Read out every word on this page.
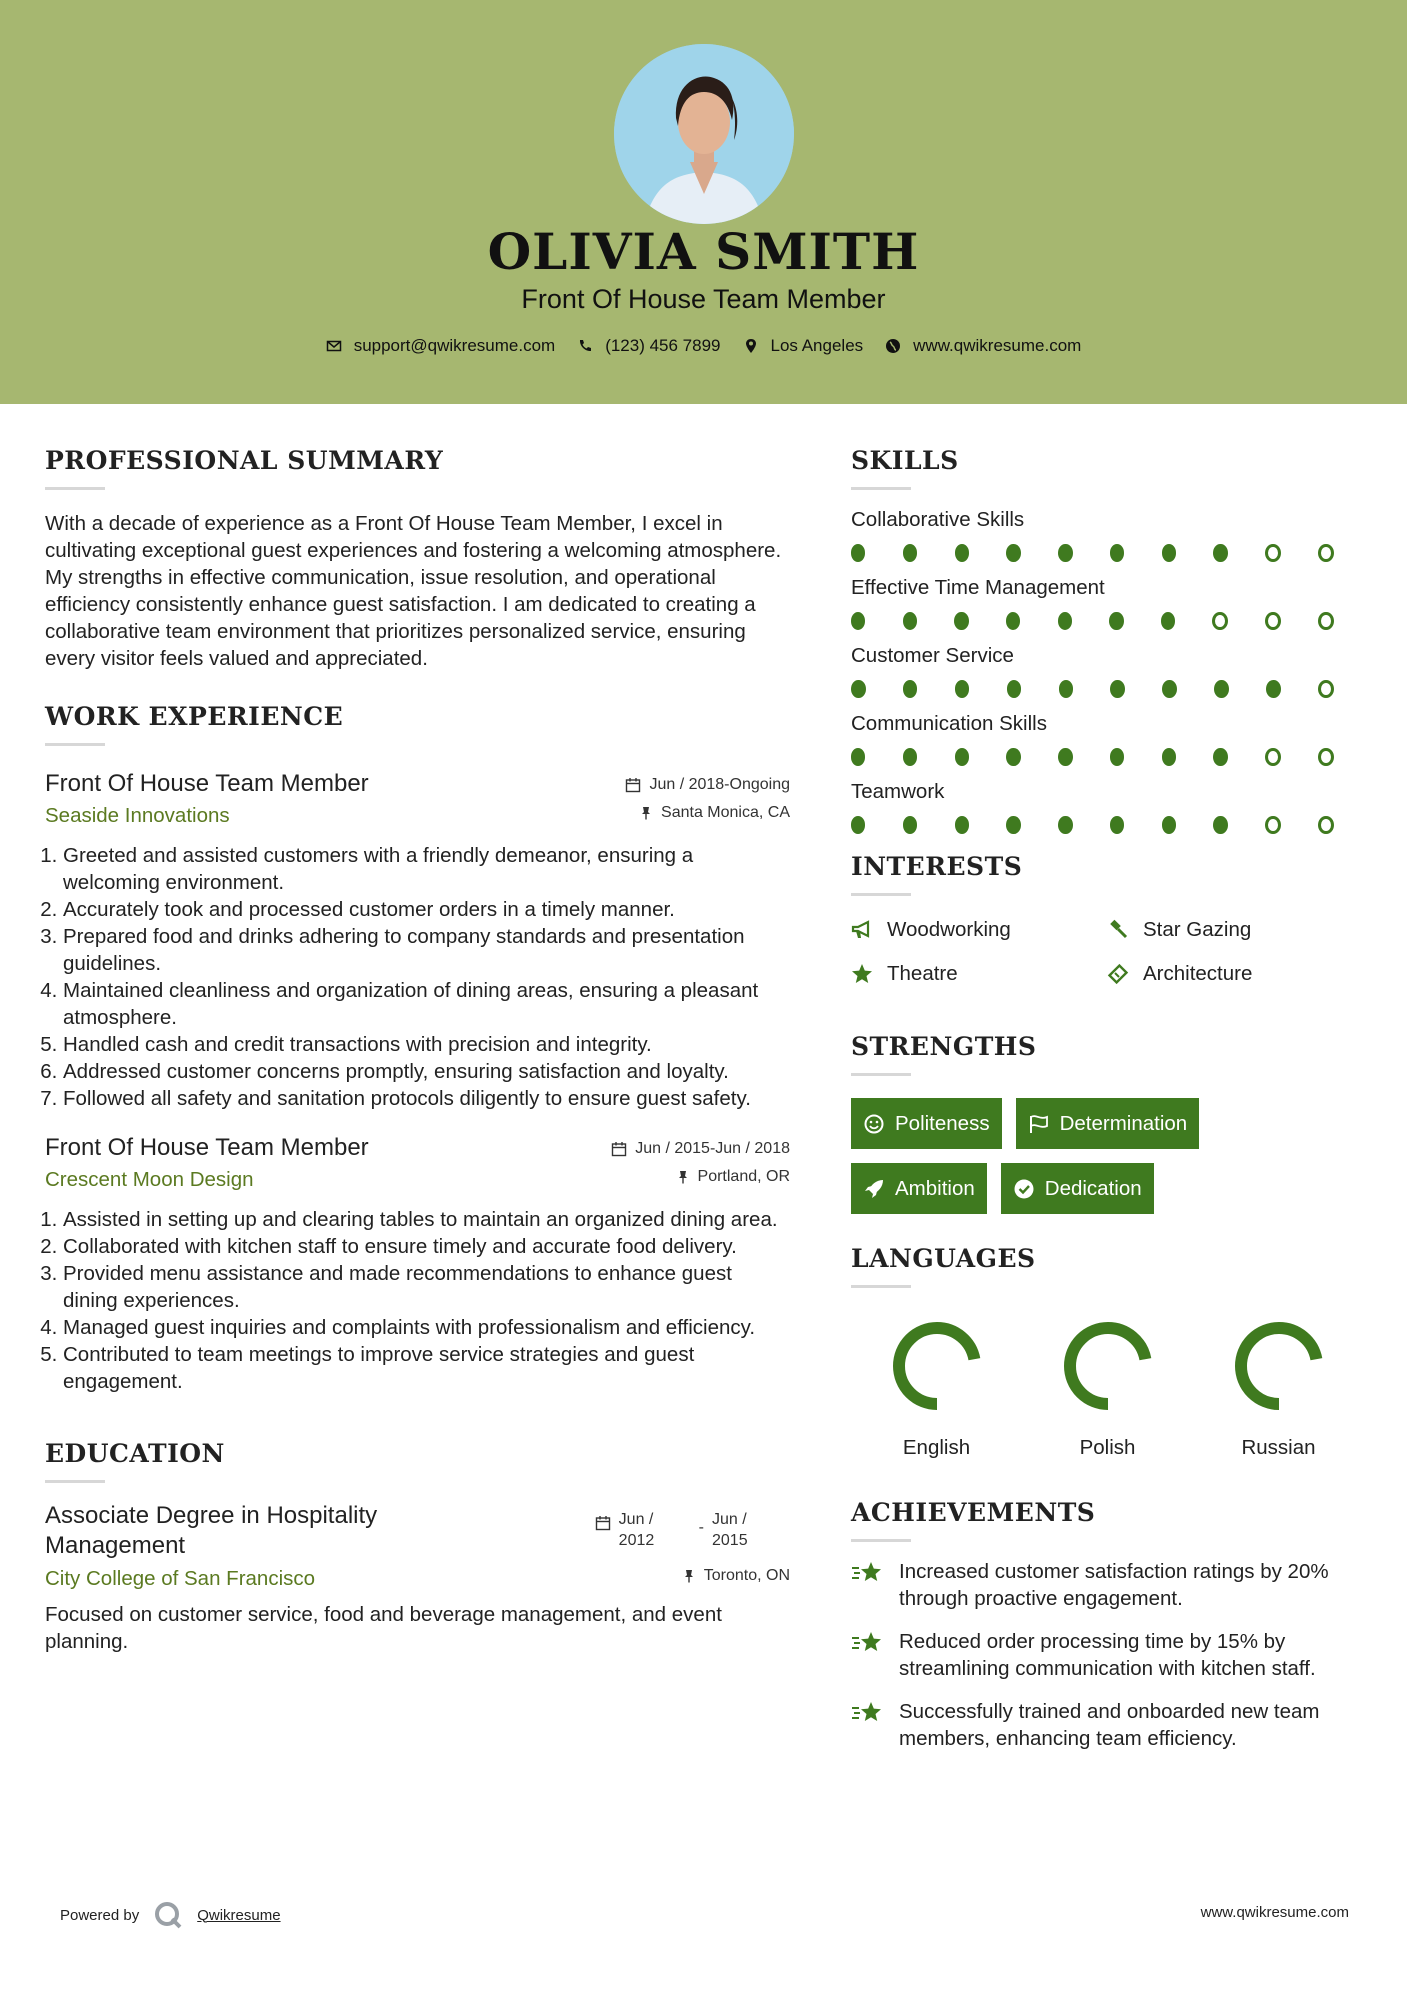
OLIVIA SMITH
Front Of House Team Member
support@qwikresume.com	(123) 456 7899	Los Angeles	www.qwikresume.com
PROFESSIONAL SUMMARY
With a decade of experience as a Front Of House Team Member, I excel in cultivating exceptional guest experiences and fostering a welcoming atmosphere. My strengths in effective communication, issue resolution, and operational efficiency consistently enhance guest satisfaction. I am dedicated to creating a collaborative team environment that prioritizes personalized service, ensuring every visitor feels valued and appreciated.
WORK EXPERIENCE
Front Of House Team Member	Jun / 2018-Ongoing
Seaside Innovations	Santa Monica, CA
1. Greeted and assisted customers with a friendly demeanor, ensuring a welcoming environment.
2. Accurately took and processed customer orders in a timely manner.
3. Prepared food and drinks adhering to company standards and presentation guidelines.
4. Maintained cleanliness and organization of dining areas, ensuring a pleasant atmosphere.
5. Handled cash and credit transactions with precision and integrity.
6. Addressed customer concerns promptly, ensuring satisfaction and loyalty.
7. Followed all safety and sanitation protocols diligently to ensure guest safety.
Front Of House Team Member	Jun / 2015-Jun / 2018
Crescent Moon Design	Portland, OR
1. Assisted in setting up and clearing tables to maintain an organized dining area.
2. Collaborated with kitchen staff to ensure timely and accurate food delivery.
3. Provided menu assistance and made recommendations to enhance guest dining experiences.
4. Managed guest inquiries and complaints with professionalism and efficiency.
5. Contributed to team meetings to improve service strategies and guest engagement.
EDUCATION
Associate Degree in Hospitality Management
Jun / 2012
- Jun / 2015
City College of San Francisco	Toronto, ON
Focused on customer service, food and beverage management, and event planning.
SKILLS
Collaborative Skills
Effective Time Management
Customer Service
Communication Skills
Teamwork
INTERESTS
Woodworking	Star Gazing
Theatre	Architecture
STRENGTHS
Politeness	Determination
Ambition	Dedication
LANGUAGES
English	Polish	Russian
ACHIEVEMENTS
Increased customer satisfaction ratings by 20% through proactive engagement.
Reduced order processing time by 15% by streamlining communication with kitchen staff.
Successfully trained and onboarded new team members, enhancing team efficiency.
Powered by	Qwikresume	www.qwikresume.com
